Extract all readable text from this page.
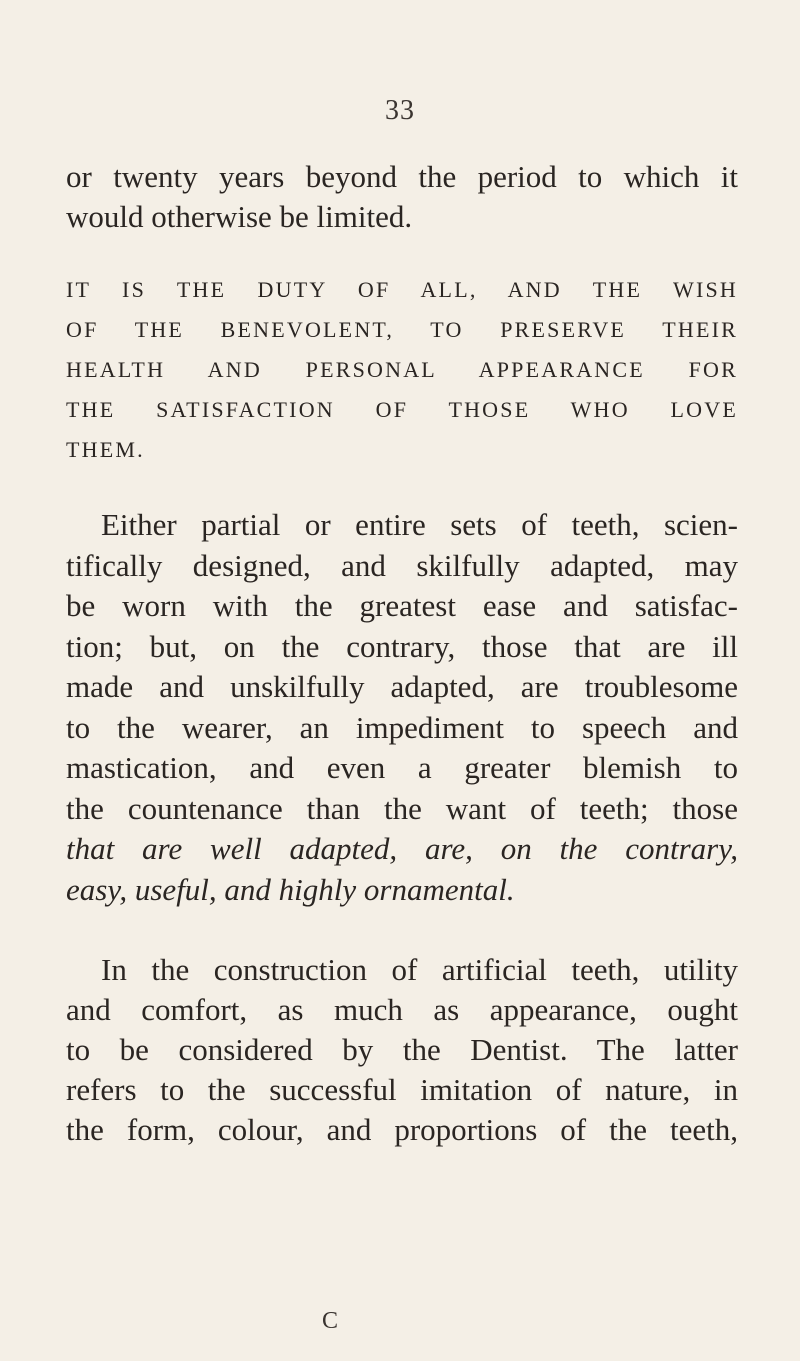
33
or twenty years beyond the period to which it
would otherwise be limited.
IT IS THE DUTY OF ALL, AND THE WISH
OF THE BENEVOLENT, TO PRESERVE THEIR
HEALTH AND PERSONAL APPEARANCE FOR
THE SATISFACTION OF THOSE WHO LOVE
THEM.
Either partial or entire sets of teeth, scien-
tifically designed, and skilfully adapted, may
be worn with the greatest ease and satisfac-
tion; but, on the contrary, those that are ill
made and unskilfully adapted, are troublesome
to the wearer, an impediment to speech and
mastication, and even a greater blemish to
the countenance than the want of teeth; those
that are well adapted, are, on the contrary,
easy, useful, and highly ornamental.
In the construction of artificial teeth, utility
and comfort, as much as appearance, ought
to be considered by the Dentist. The latter
refers to the successful imitation of nature, in
the form, colour, and proportions of the teeth,
C
